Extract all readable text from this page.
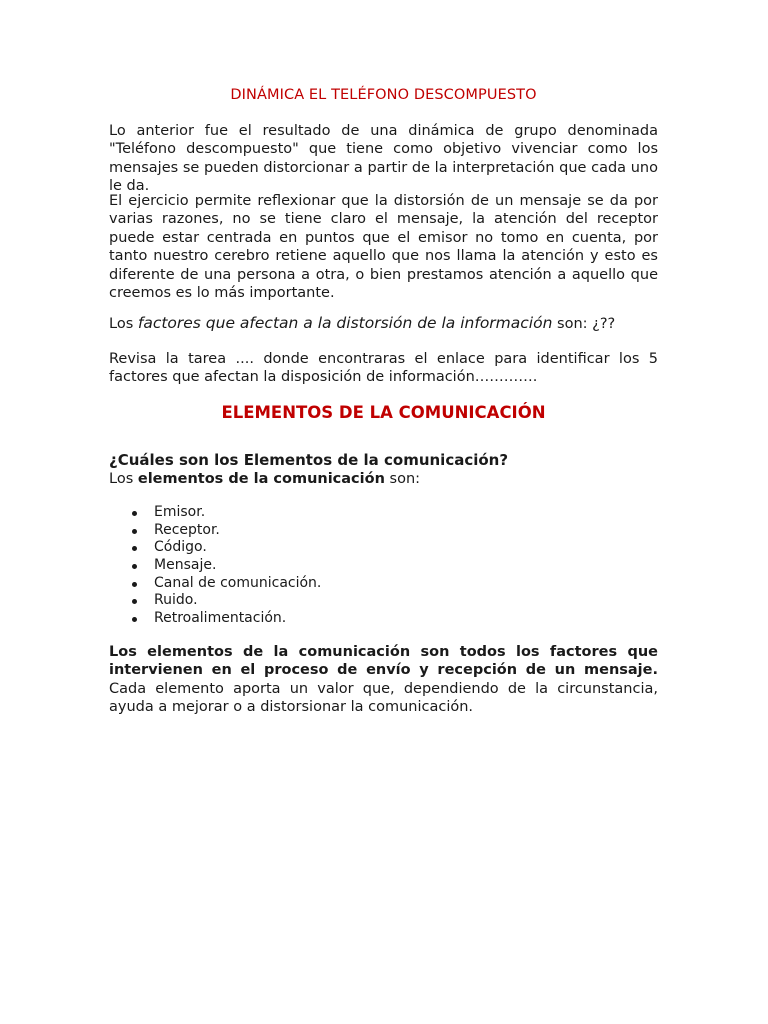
DINÁMICA EL TELÉFONO DESCOMPUESTO
Lo anterior fue el resultado de una dinámica de grupo denominada "Teléfono descompuesto" que tiene como objetivo vivenciar como los mensajes se pueden distorcionar a partir de la interpretación que cada uno le da.
El ejercicio permite reflexionar que la distorsión de un mensaje se da por varias razones, no se tiene claro el mensaje, la atención del receptor puede estar centrada en puntos que el emisor no tomo en cuenta, por tanto nuestro cerebro retiene aquello que nos llama la atención y esto es diferente de una persona a otra, o bien prestamos atención a aquello que creemos es lo más importante.
Los factores que afectan a la distorsión de la información son: ¿??
Revisa la tarea .... donde encontraras el enlace para identificar los 5 factores que afectan la disposición de información………….
ELEMENTOS DE LA COMUNICACIÓN
¿Cuáles son los Elementos de la comunicación?
Los elementos de la comunicación son:
Emisor.
Receptor.
Código.
Mensaje.
Canal de comunicación.
Ruido.
Retroalimentación.
Los elementos de la comunicación son todos los factores que intervienen en el proceso de envío y recepción de un mensaje. Cada elemento aporta un valor que, dependiendo de la circunstancia, ayuda a mejorar o a distorsionar la comunicación.
